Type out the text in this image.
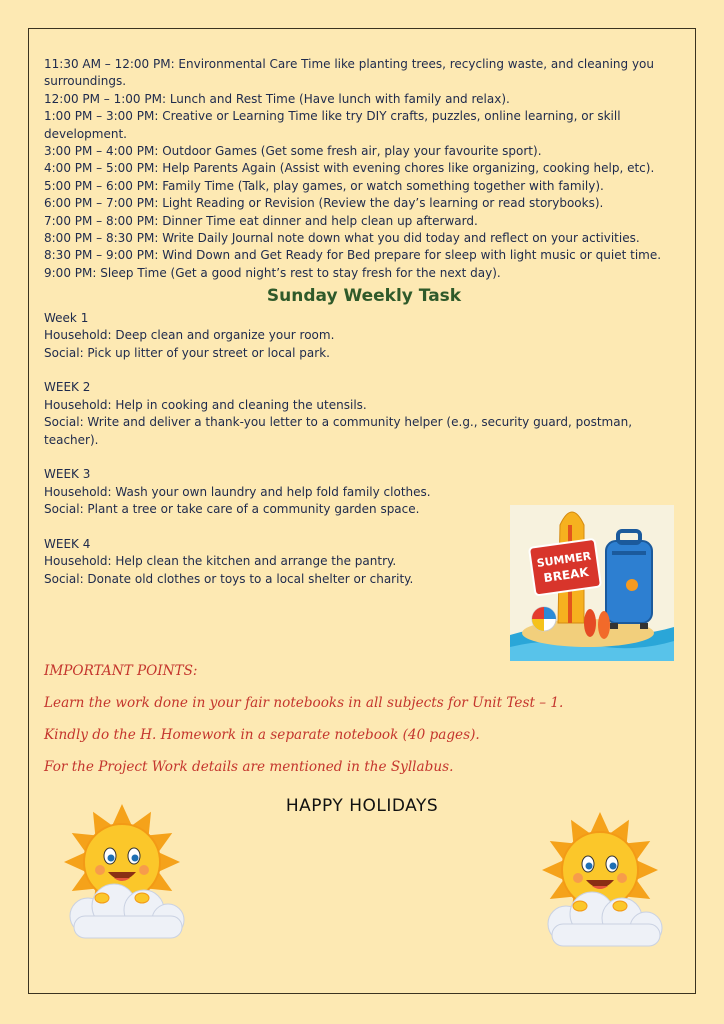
11:30 AM – 12:00 PM: Environmental Care Time like planting trees, recycling waste, and cleaning you surroundings.

12:00 PM – 1:00 PM: Lunch and Rest Time (Have lunch with family and relax).

1:00 PM – 3:00 PM: Creative or Learning Time like try DIY crafts, puzzles, online learning, or skill development.

3:00 PM – 4:00 PM: Outdoor Games (Get some fresh air, play your favourite sport).

4:00 PM – 5:00 PM: Help Parents Again (Assist with evening chores like organizing, cooking help, etc).

5:00 PM – 6:00 PM: Family Time (Talk, play games, or watch something together with family).

6:00 PM – 7:00 PM: Light Reading or Revision (Review the day’s learning or read storybooks).

7:00 PM – 8:00 PM: Dinner Time eat dinner and help clean up afterward.

8:00 PM – 8:30 PM: Write Daily Journal note down what you did today and reflect on your activities.

8:30 PM – 9:00 PM: Wind Down and Get Ready for Bed prepare for sleep with light music or quiet time.

9:00 PM: Sleep Time (Get a good night’s rest to stay fresh for the next day).

Sunday Weekly Task

Week 1

Household: Deep clean and organize your room.

Social: Pick up litter of your street or local park.

WEEK 2

Household: Help in cooking and cleaning the utensils.

Social: Write and deliver a thank-you letter to a community helper (e.g., security guard, postman, teacher).

WEEK 3

Household: Wash your own laundry and help fold family clothes.

Social: Plant a tree or take care of a community garden space.

WEEK 4

Household: Help clean the kitchen and arrange the pantry.

Social: Donate old clothes or toys to a local shelter or charity.

SUMMER
BREAK

IMPORTANT POINTS:

Learn the work done in your fair notebooks in all subjects for Unit Test – 1.

Kindly do the H. Homework in a separate notebook (40 pages).

For the Project Work details are mentioned in the Syllabus.

HAPPY HOLIDAYS
